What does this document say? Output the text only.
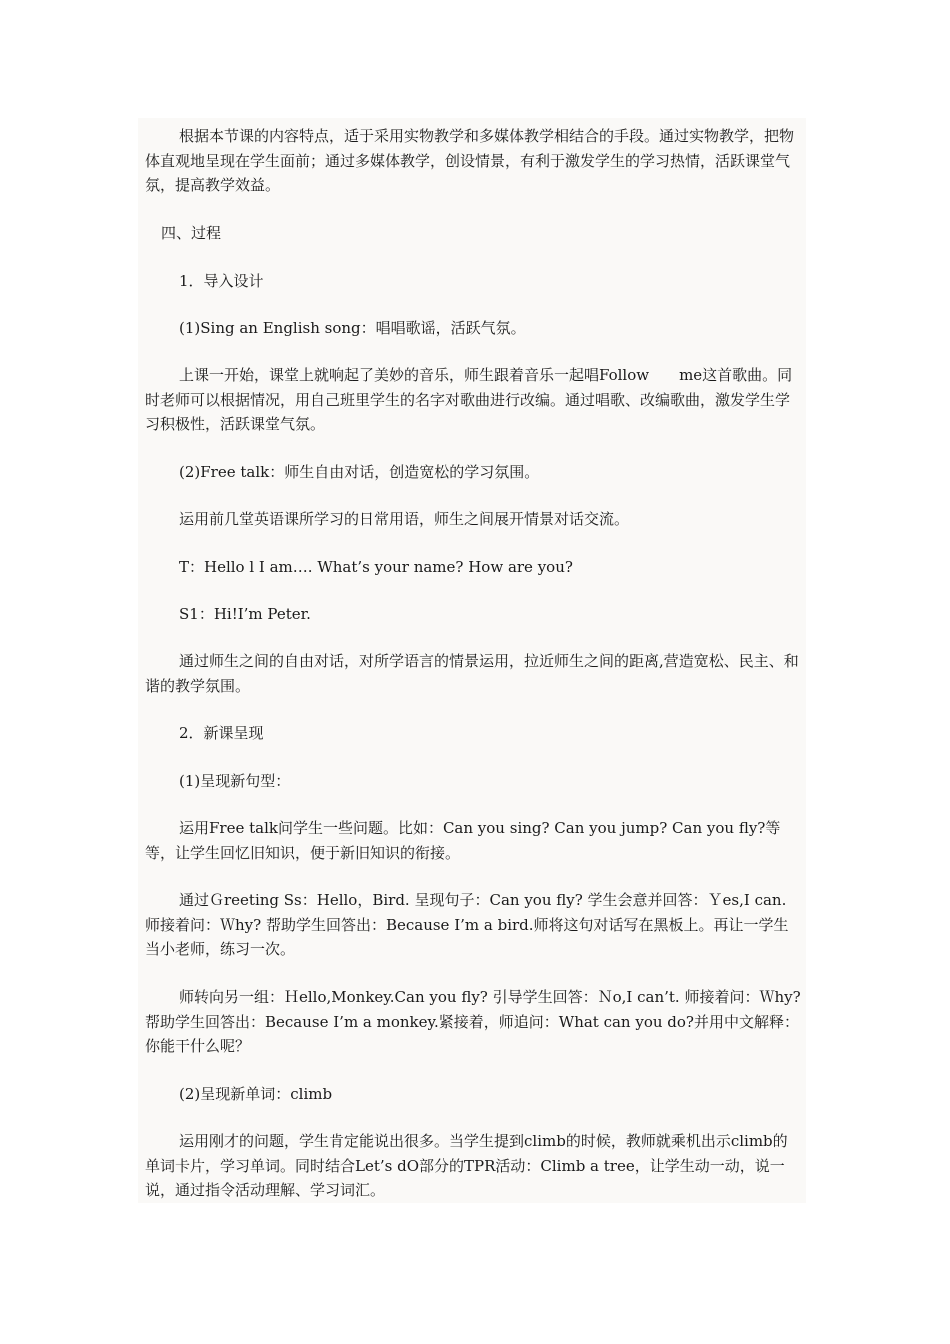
根据本节课的内容特点，适于采用实物教学和多媒体教学相结合的手段。通过实物教学，把物体直观地呈现在学生面前；通过多媒体教学，创设情景，有利于激发学生的学习热情，活跃课堂气氛，提高教学效益。

四、过程

1．导入设计

(1)Sing an English song：唱唱歌谣，活跃气氛。

上课一开始，课堂上就响起了美妙的音乐，师生跟着音乐一起唱Follow　　me这首歌曲。同时老师可以根据情况，用自己班里学生的名字对歌曲进行改编。通过唱歌、改编歌曲，激发学生学习积极性，活跃课堂气氛。

(2)Free talk：师生自由对话，创造宽松的学习氛围。

运用前几堂英语课所学习的日常用语，师生之间展开情景对话交流。

T：Hello l I am…. What’s your name? How are you?

S1：Hi!I’m Peter.

通过师生之间的自由对话，对所学语言的情景运用，拉近师生之间的距离,营造宽松、民主、和谐的教学氛围。

2．新课呈现

(1)呈现新句型：

运用Free talk问学生一些问题。比如：Can you sing? Can you jump? Can you fly?等等，让学生回忆旧知识，便于新旧知识的衔接。

通过Ｇreeting Ss：Hello，Bird. 呈现句子：Can you fly? 学生会意并回答：Ｙes,I can.师接着问：Ｗhy? 帮助学生回答出：Because I’m a bird.师将这句对话写在黑板上。再让一学生当小老师，练习一次。

师转向另一组：Ｈello,Monkey.Can you fly? 引导学生回答：Ｎo,I can’t. 师接着问：Ｗhy? 帮助学生回答出：Because I’m a monkey.紧接着，师追问：What can you do?并用中文解释：你能干什么呢？

(2)呈现新单词：climb

运用刚才的问题，学生肯定能说出很多。当学生提到climb的时候，教师就乘机出示climb的单词卡片，学习单词。同时结合Let’s dO部分的TPR活动：Climb a tree，让学生动一动，说一说，通过指令活动理解、学习词汇。
